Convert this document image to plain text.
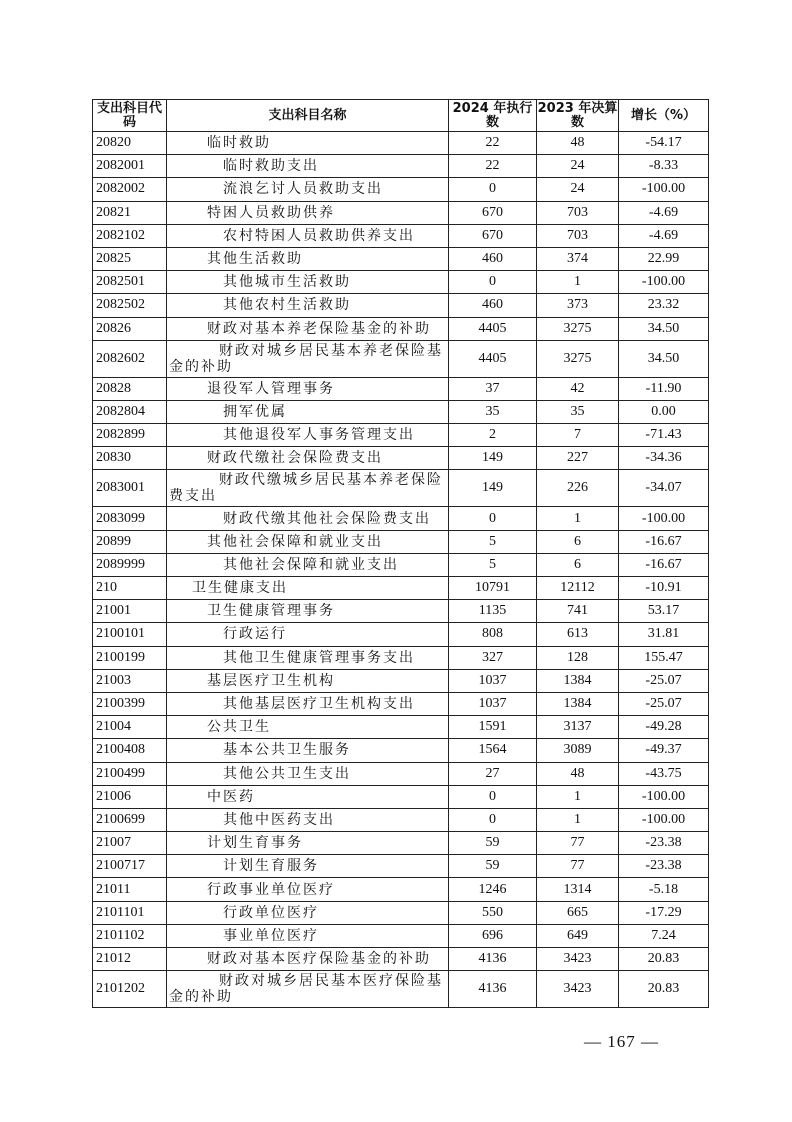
支出科目代码	支出科目名称	2024 年执行数	2023 年决算数	增长（%）
20820	临时救助	22	48	-54.17
2082001	临时救助支出	22	24	-8.33
2082002	流浪乞讨人员救助支出	0	24	-100.00
20821	特困人员救助供养	670	703	-4.69
2082102	农村特困人员救助供养支出	670	703	-4.69
20825	其他生活救助	460	374	22.99
2082501	其他城市生活救助	0	1	-100.00
2082502	其他农村生活救助	460	373	23.32
20826	财政对基本养老保险基金的补助	4405	3275	34.50
2082602	财政对城乡居民基本养老保险基金的补助	4405	3275	34.50
20828	退役军人管理事务	37	42	-11.90
2082804	拥军优属	35	35	0.00
2082899	其他退役军人事务管理支出	2	7	-71.43
20830	财政代缴社会保险费支出	149	227	-34.36
2083001	财政代缴城乡居民基本养老保险费支出	149	226	-34.07
2083099	财政代缴其他社会保险费支出	0	1	-100.00
20899	其他社会保障和就业支出	5	6	-16.67
2089999	其他社会保障和就业支出	5	6	-16.67
210	卫生健康支出	10791	12112	-10.91
21001	卫生健康管理事务	1135	741	53.17
2100101	行政运行	808	613	31.81
2100199	其他卫生健康管理事务支出	327	128	155.47
21003	基层医疗卫生机构	1037	1384	-25.07
2100399	其他基层医疗卫生机构支出	1037	1384	-25.07
21004	公共卫生	1591	3137	-49.28
2100408	基本公共卫生服务	1564	3089	-49.37
2100499	其他公共卫生支出	27	48	-43.75
21006	中医药	0	1	-100.00
2100699	其他中医药支出	0	1	-100.00
21007	计划生育事务	59	77	-23.38
2100717	计划生育服务	59	77	-23.38
21011	行政事业单位医疗	1246	1314	-5.18
2101101	行政单位医疗	550	665	-17.29
2101102	事业单位医疗	696	649	7.24
21012	财政对基本医疗保险基金的补助	4136	3423	20.83
2101202	财政对城乡居民基本医疗保险基金的补助	4136	3423	20.83
— 167 —
